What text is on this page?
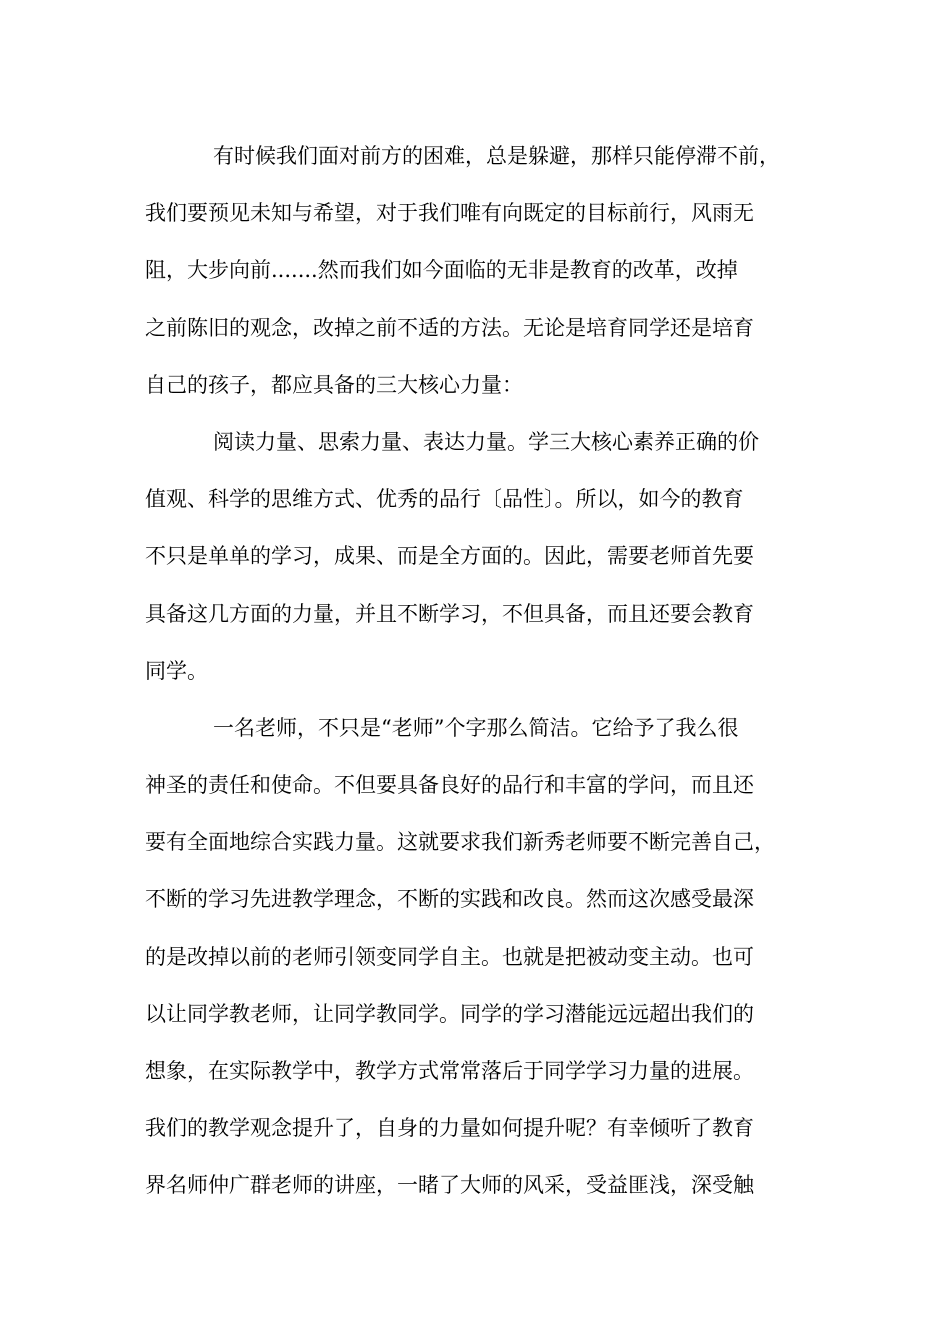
有时候我们面对前方的困难，总是躲避，那样只能停滞不前，
我们要预见未知与希望，对于我们唯有向既定的目标前行，风雨无
阻，大步向前.......然而我们如今面临的无非是教育的改革，改掉
之前陈旧的观念，改掉之前不适的方法。无论是培育同学还是培育
自己的孩子，都应具备的三大核心力量：
阅读力量、思索力量、表达力量。学三大核心素养正确的价
值观、科学的思维方式、优秀的品行〔品性〕。所以，如今的教育
不只是单单的学习，成果、而是全方面的。因此，需要老师首先要
具备这几方面的力量，并且不断学习，不但具备，而且还要会教育
同学。
一名老师，不只是“老师”个字那么简洁。它给予了我么很
神圣的责任和使命。不但要具备良好的品行和丰富的学问，而且还
要有全面地综合实践力量。这就要求我们新秀老师要不断完善自己，
不断的学习先进教学理念，不断的实践和改良。然而这次感受最深
的是改掉以前的老师引领变同学自主。也就是把被动变主动。也可
以让同学教老师，让同学教同学。同学的学习潜能远远超出我们的
想象，在实际教学中，教学方式常常落后于同学学习力量的进展。
我们的教学观念提升了，自身的力量如何提升呢？有幸倾听了教育
界名师仲广群老师的讲座，一睹了大师的风采，受益匪浅，深受触
